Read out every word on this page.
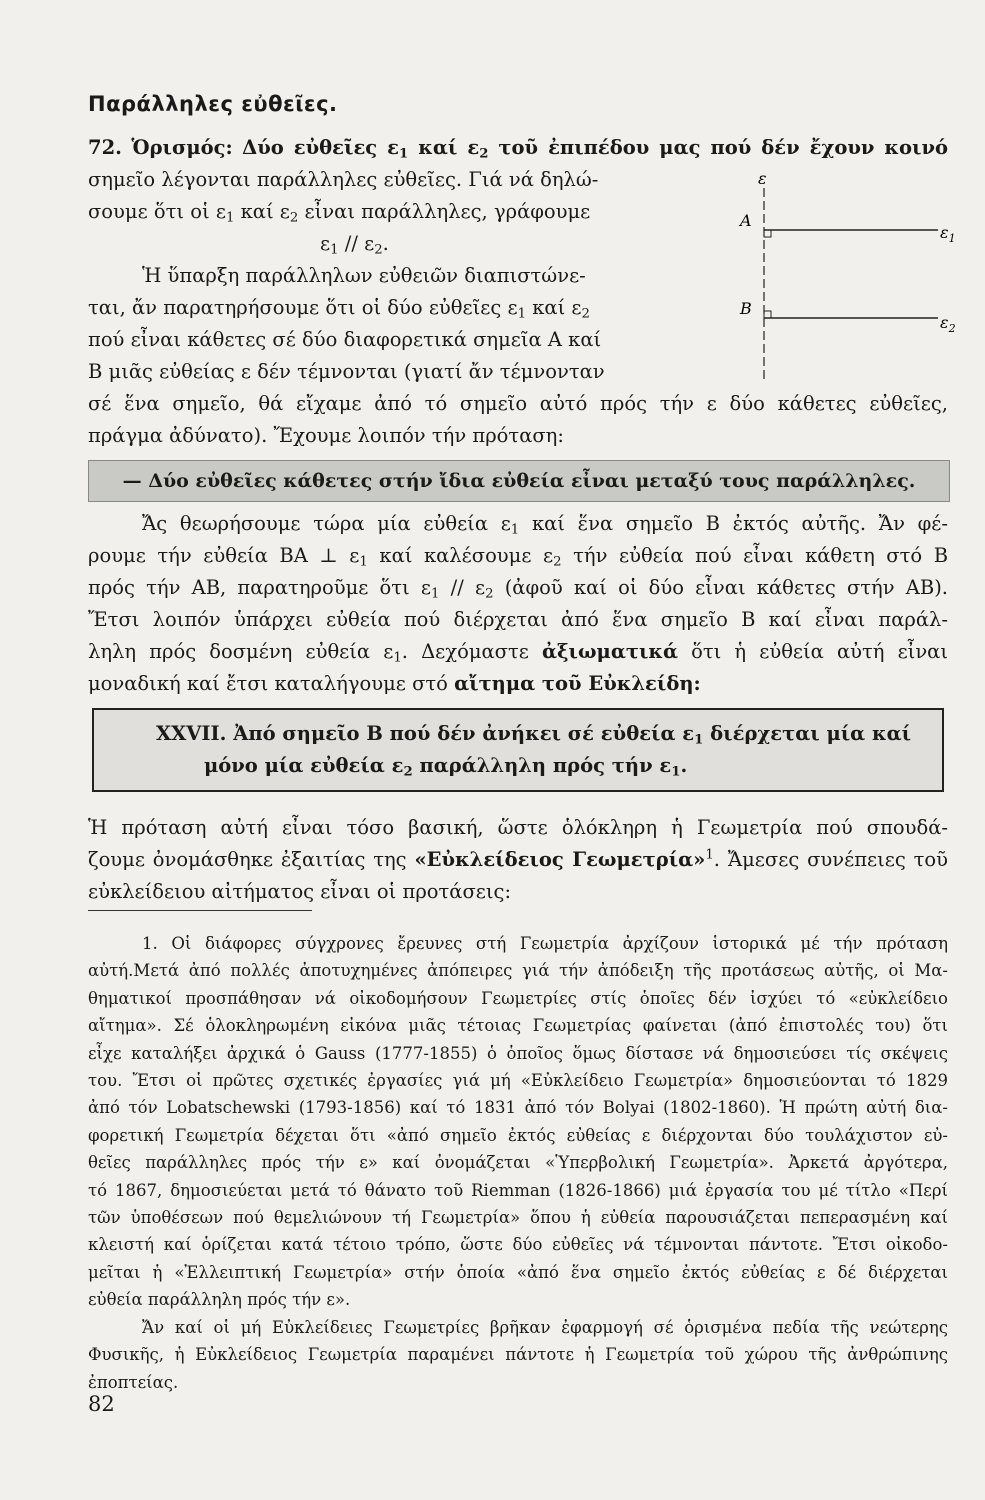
Παράλληλες εὐθεῖες.
72. Ὁρισμός: Δύο εὐθεῖες $\varepsilon_1$ καί $\varepsilon_2$ τοῦ ἐπιπέδου μας πού δέν ἔχουν κοινό
σημεῖο λέγονται παράλληλες εὐθεῖες. Γιά νά δηλώ-
σουμε ὅτι οἱ $\varepsilon_1$ καί $\varepsilon_2$ εἶναι παράλληλες, γράφουμε
$\varepsilon_1 // \varepsilon_2$.
Ἡ ὕπαρξη παράλληλων εὐθειῶν διαπιστώνε-
ται, ἄν παρατηρήσουμε ὅτι οἱ δύο εὐθεῖες $\varepsilon_1$ καί $\varepsilon_2$
πού εἶναι κάθετες σέ δύο διαφορετικά σημεῖα Α καί
Β μιᾶς εὐθείας ε δέν τέμνονται (γιατί ἄν τέμνονταν
σέ ἕνα σημεῖο, θά εἴχαμε ἀπό τό σημεῖο αὐτό πρός τήν ε δύο κάθετες εὐθεῖες,
πράγμα ἀδύνατο). Ἔχουμε λοιπόν τήν πρόταση:
ε
Α
Β
$\varepsilon_1$
$\varepsilon_2$
— Δύο εὐθεῖες κάθετες στήν ἴδια εὐθεία εἶναι μεταξύ τους παράλληλες.
Ἄς θεωρήσουμε τώρα μία εὐθεία $\varepsilon_1$ καί ἕνα σημεῖο Β ἐκτός αὐτῆς. Ἄν φέ-
ρουμε τήν εὐθεία ΒΑ ⊥ $\varepsilon_1$ καί καλέσουμε $\varepsilon_2$ τήν εὐθεία πού εἶναι κάθετη στό Β
πρός τήν ΑΒ, παρατηροῦμε ὅτι $\varepsilon_1 // \varepsilon_2$ (ἀφοῦ καί οἱ δύο εἶναι κάθετες στήν ΑΒ).
Ἔτσι λοιπόν ὑπάρχει εὐθεία πού διέρχεται ἀπό ἕνα σημεῖο Β καί εἶναι παράλ-
ληλη πρός δοσμένη εὐθεία $\varepsilon_1$. Δεχόμαστε ἀξιωματικά ὅτι ἡ εὐθεία αὐτή εἶναι
μοναδική καί ἔτσι καταλήγουμε στό αἴτημα τοῦ Εὐκλείδη:
XXVII. Ἀπό σημεῖο Β πού δέν ἀνήκει σέ εὐθεία $\varepsilon_1$ διέρχεται μία καί
μόνο μία εὐθεία $\varepsilon_2$ παράλληλη πρός τήν $\varepsilon_1$.
Ἡ πρόταση αὐτή εἶναι τόσο βασική, ὥστε ὁλόκληρη ἡ Γεωμετρία πού σπουδά-
ζουμε ὀνομάσθηκε ἐξαιτίας της «Εὐκλείδειος Γεωμετρία»$^1$. Ἄμεσες συνέπειες τοῦ
εὐκλείδειου αἰτήματος εἶναι οἱ προτάσεις:
1. Οἱ διάφορες σύγχρονες ἔρευνες στή Γεωμετρία ἀρχίζουν ἱστορικά μέ τήν πρόταση
αὐτή.Μετά ἀπό πολλές ἀποτυχημένες ἀπόπειρες γιά τήν ἀπόδειξη τῆς προτάσεως αὐτῆς, οἱ Μα-
θηματικοί προσπάθησαν νά οἰκοδομήσουν Γεωμετρίες στίς ὁποῖες δέν ἰσχύει τό «εὐκλείδειο
αἴτημα». Σέ ὁλοκληρωμένη εἰκόνα μιᾶς τέτοιας Γεωμετρίας φαίνεται (ἀπό ἐπιστολές του) ὅτι
εἶχε καταλήξει ἀρχικά ὁ Gauss (1777-1855) ὁ ὁποῖος ὅμως δίστασε νά δημοσιεύσει τίς σκέψεις
του. Ἔτσι οἱ πρῶτες σχετικές ἐργασίες γιά μή «Εὐκλείδειο Γεωμετρία» δημοσιεύονται τό 1829
ἀπό τόν Lobatschewski (1793-1856) καί τό 1831 ἀπό τόν Bolyai (1802-1860). Ἡ πρώτη αὐτή δια-
φορετική Γεωμετρία δέχεται ὅτι «ἀπό σημεῖο ἐκτός εὐθείας ε διέρχονται δύο τουλάχιστον εὐ-
θεῖες παράλληλες πρός τήν ε» καί ὀνομάζεται «Ὑπερβολική Γεωμετρία». Ἀρκετά ἀργότερα,
τό 1867, δημοσιεύεται μετά τό θάνατο τοῦ Riemman (1826-1866) μιά ἐργασία του μέ τίτλο «Περί
τῶν ὑποθέσεων πού θεμελιώνουν τή Γεωμετρία» ὅπου ἡ εὐθεία παρουσιάζεται πεπερασμένη καί
κλειστή καί ὁρίζεται κατά τέτοιο τρόπο, ὥστε δύο εὐθεῖες νά τέμνονται πάντοτε. Ἔτσι οἰκοδο-
μεῖται ἡ «Ἐλλειπτική Γεωμετρία» στήν ὁποία «ἀπό ἕνα σημεῖο ἐκτός εὐθείας ε δέ διέρχεται
εὐθεία παράλληλη πρός τήν ε».
Ἄν καί οἱ μή Εὐκλείδειες Γεωμετρίες βρῆκαν ἐφαρμογή σέ ὁρισμένα πεδία τῆς νεώτερης
Φυσικῆς, ἡ Εὐκλείδειος Γεωμετρία παραμένει πάντοτε ἡ Γεωμετρία τοῦ χώρου τῆς ἀνθρώπινης
ἐποπτείας.
82
